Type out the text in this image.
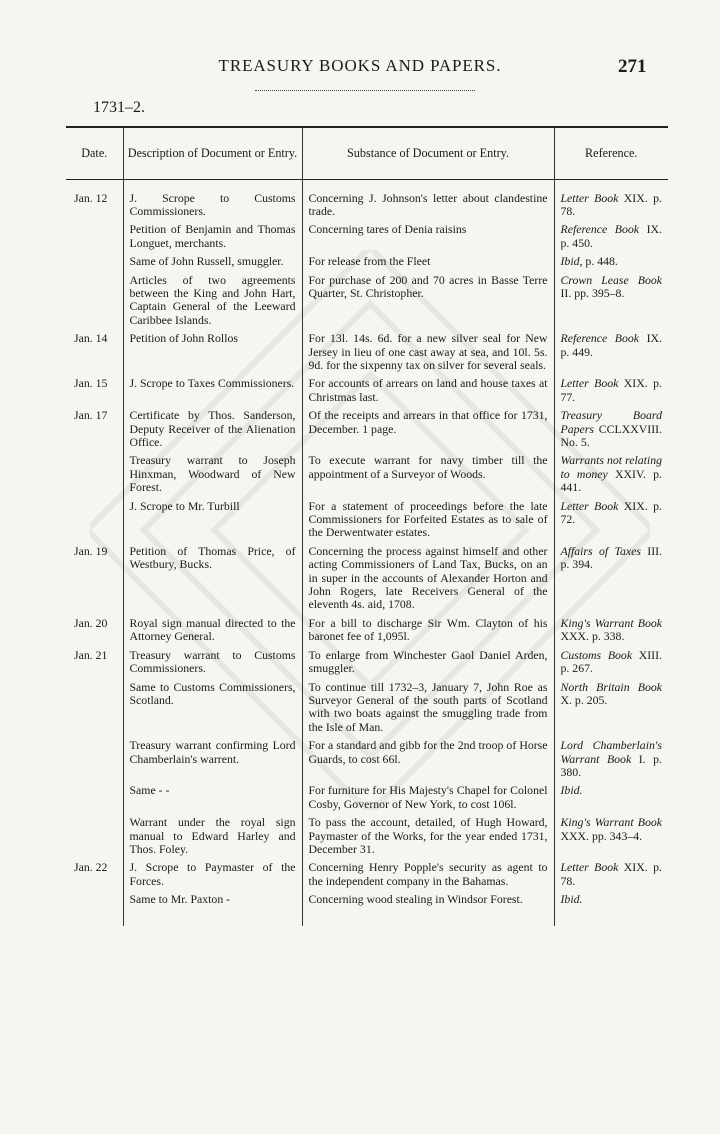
TREASURY BOOKS AND PAPERS.	271
1731–2.
Date.	Description of Document or Entry.	Substance of Document or Entry.	Reference.

Jan. 12	J. Scrope to Customs Commissioners.	Concerning J. Johnson's letter about clandestine trade.	Letter Book XIX. p. 78.
	Petition of Benjamin and Thomas Longuet, merchants.	Concerning tares of Denia raisins	Reference Book IX. p. 450.
	Same of John Russell, smuggler.	For release from the Fleet	Ibid, p. 448.
	Articles of two agreements between the King and John Hart, Captain General of the Leeward Caribbee Islands.	For purchase of 200 and 70 acres in Basse Terre Quarter, St. Christopher.	Crown Lease Book II. pp. 395–8.
Jan. 14	Petition of John Rollos	For 13l. 14s. 6d. for a new silver seal for New Jersey in lieu of one cast away at sea, and 10l. 5s. 9d. for the sixpenny tax on silver for several seals.	Reference Book IX. p. 449.
Jan. 15	J. Scrope to Taxes Commissioners.	For accounts of arrears on land and house taxes at Christmas last.	Letter Book XIX. p. 77.
Jan. 17	Certificate by Thos. Sanderson, Deputy Receiver of the Alienation Office.	Of the receipts and arrears in that office for 1731, December. 1 page.	Treasury Board Papers CCLXXVIII. No. 5.
	Treasury warrant to Joseph Hinxman, Woodward of New Forest.	To execute warrant for navy timber till the appointment of a Surveyor of Woods.	Warrants not relating to money XXIV. p. 441.
	J. Scrope to Mr. Turbill	For a statement of proceedings before the late Commissioners for Forfeited Estates as to sale of the Derwentwater estates.	Letter Book XIX. p. 72.
Jan. 19	Petition of Thomas Price, of Westbury, Bucks.	Concerning the process against himself and other acting Commissioners of Land Tax, Bucks, on an in super in the accounts of Alexander Horton and John Rogers, late Receivers General of the eleventh 4s. aid, 1708.	Affairs of Taxes III. p. 394.
Jan. 20	Royal sign manual directed to the Attorney General.	For a bill to discharge Sir Wm. Clayton of his baronet fee of 1,095l.	King's Warrant Book XXX. p. 338.
Jan. 21	Treasury warrant to Customs Commissioners.	To enlarge from Winchester Gaol Daniel Arden, smuggler.	Customs Book XIII. p. 267.
	Same to Customs Commissioners, Scotland.	To continue till 1732–3, January 7, John Roe as Surveyor General of the south parts of Scotland with two boats against the smuggling trade from the Isle of Man.	North Britain Book X. p. 205.
	Treasury warrant confirming Lord Chamberlain's warrent.	For a standard and gibb for the 2nd troop of Horse Guards, to cost 66l.	Lord Chamberlain's Warrant Book I. p. 380.
	Same - -	For furniture for His Majesty's Chapel for Colonel Cosby, Governor of New York, to cost 106l.	Ibid.
	Warrant under the royal sign manual to Edward Harley and Thos. Foley.	To pass the account, detailed, of Hugh Howard, Paymaster of the Works, for the year ended 1731, December 31.	King's Warrant Book XXX. pp. 343–4.
Jan. 22	J. Scrope to Paymaster of the Forces.	Concerning Henry Popple's security as agent to the independent company in the Bahamas.	Letter Book XIX. p. 78.
	Same to Mr. Paxton -	Concerning wood stealing in Windsor Forest.	Ibid.
